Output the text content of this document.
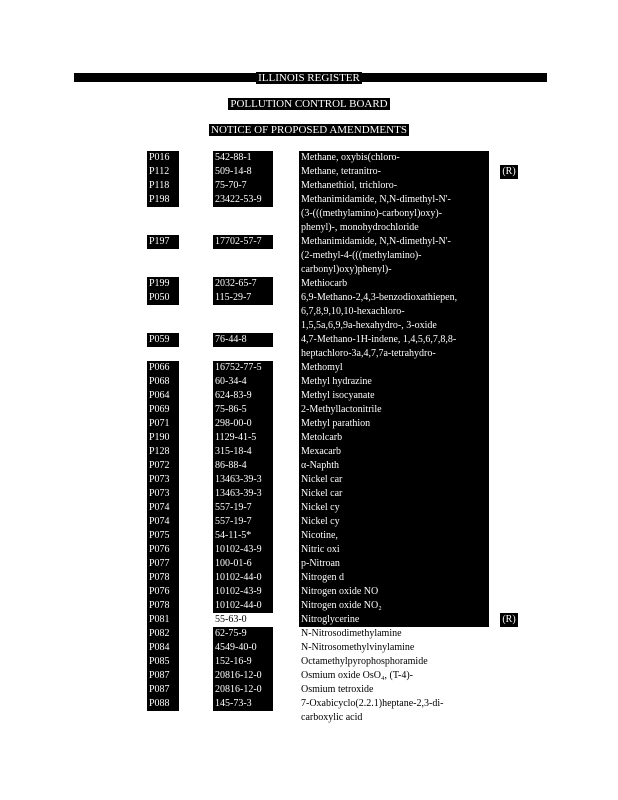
ILLINOIS REGISTER
POLLUTION CONTROL BOARD
NOTICE OF PROPOSED AMENDMENTS
P016	542-88-1	Methane, oxybis(chloro-
P112	509-14-8	Methane, tetranitro-	(R)
P118	75-70-7	Methanethiol, trichloro-
P198	23422-53-9	Methanimidamide, N,N-dimethyl-N'-
(3-(((methylamino)-carbonyl)oxy)-
phenyl)-, monohydrochloride
P197	17702-57-7	Methanimidamide, N,N-dimethyl-N'-
(2-methyl-4-(((methylamino)-
carbonyl)oxy)phenyl)-
P199	2032-65-7	Methiocarb
P050	115-29-7	6,9-Methano-2,4,3-benzodioxathiepen,
6,7,8,9,10,10-hexachloro-
1,5,5a,6,9,9a-hexahydro-, 3-oxide
P059	76-44-8	4,7-Methano-1H-indene, 1,4,5,6,7,8,8-
heptachloro-3a,4,7,7a-tetrahydro-
P066	16752-77-5	Methomyl
P068	60-34-4	Methyl hydrazine
P064	624-83-9	Methyl isocyanate
P069	75-86-5	2-Methyllactonitrile
P071	298-00-0	Methyl parathion
P190	1129-41-5	Metolcarb
P128	315-18-4	Mexacarb
P072	86-88-4	α-Naphth
P073	13463-39-3	Nickel car
P073	13463-39-3	Nickel car
P074	557-19-7	Nickel cy
P074	557-19-7	Nickel cy
P075	54-11-5*	Nicotine,
P076	10102-43-9	Nitric oxi
P077	100-01-6	p-Nitroan
P078	10102-44-0	Nitrogen d
P076	10102-43-9	Nitrogen oxide NO
P078	10102-44-0	Nitrogen oxide NO₂
P081	55-63-0	Nitroglycerine	(R)
P082	62-75-9	N-Nitrosodimethylamine
P084	4549-40-0	N-Nitrosomethylvinylamine
P085	152-16-9	Octamethylpyrophosphoramide
P087	20816-12-0	Osmium oxide OsO₄, (T-4)-
P087	20816-12-0	Osmium tetroxide
P088	145-73-3	7-Oxabicyclo(2.2.1)heptane-2,3-di-
carboxylic acid
